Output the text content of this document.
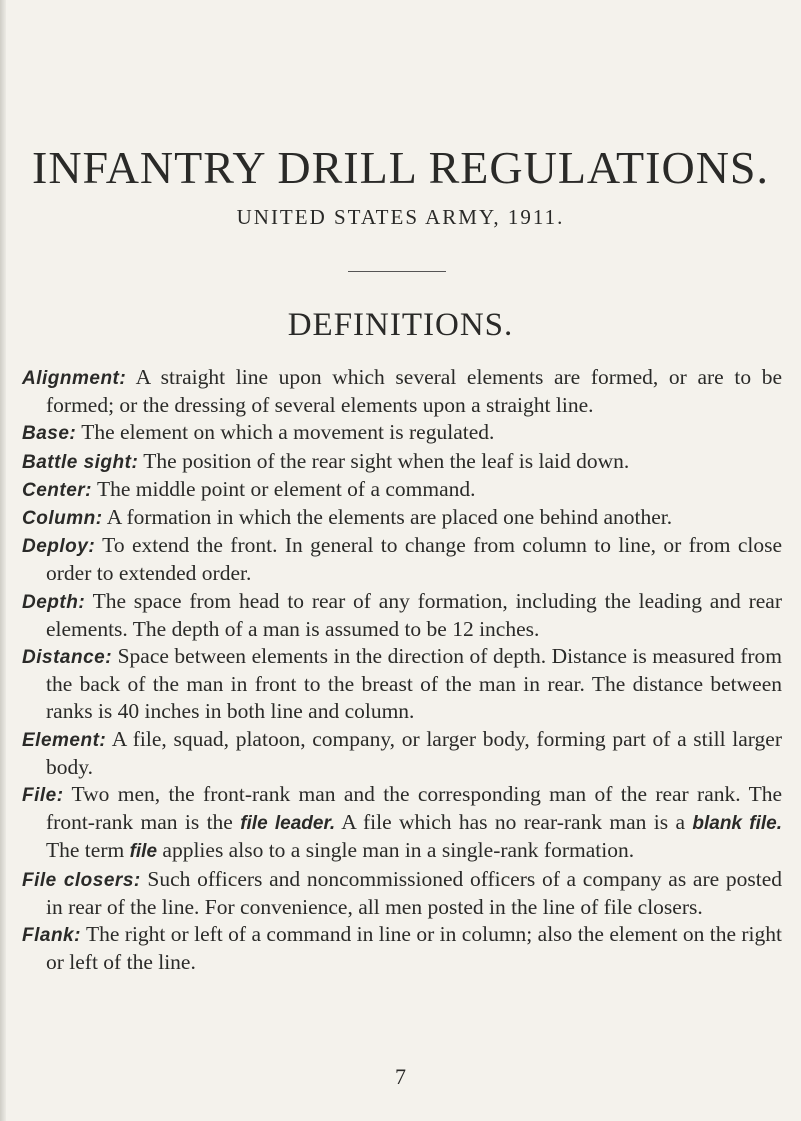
INFANTRY DRILL REGULATIONS.
UNITED STATES ARMY, 1911.
DEFINITIONS.

Alignment: A straight line upon which several elements are formed, or are to be formed; or the dressing of several elements upon a straight line.

Base: The element on which a movement is regulated.

Battle sight: The position of the rear sight when the leaf is laid down.

Center: The middle point or element of a command.

Column: A formation in which the elements are placed one behind another.

Deploy: To extend the front. In general to change from column to line, or from close order to extended order.

Depth: The space from head to rear of any formation, including the leading and rear elements. The depth of a man is assumed to be 12 inches.

Distance: Space between elements in the direction of depth. Distance is measured from the back of the man in front to the breast of the man in rear. The distance between ranks is 40 inches in both line and column.

Element: A file, squad, platoon, company, or larger body, forming part of a still larger body.

File: Two men, the front-rank man and the corresponding man of the rear rank. The front-rank man is the file leader. A file which has no rear-rank man is a blank file. The term file applies also to a single man in a single-rank formation.

File closers: Such officers and noncommissioned officers of a company as are posted in rear of the line. For convenience, all men posted in the line of file closers.

Flank: The right or left of a command in line or in column; also the element on the right or left of the line.

7
